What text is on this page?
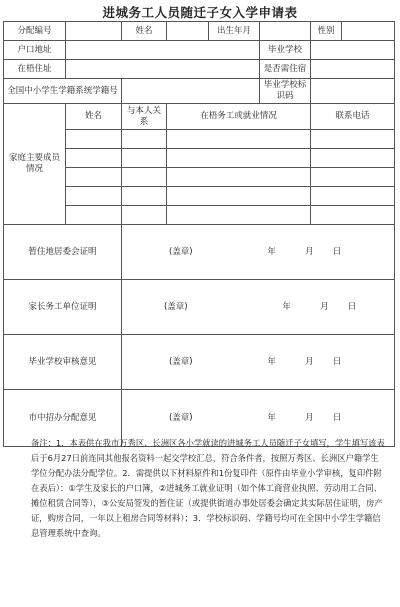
进城务工人员随迁子女入学申请表
分配编号		姓名		出生年月		性别	
户口地址					毕业学校		
在梧住址					是否需住宿		
全国中小学生学籍系统学籍号					毕业学校标识码		
家庭主要成员情况	姓名	与本人关系	在梧务工或就业情况			联系电话	

暂住地居委会证明		(盖章) 年 月 日					
家长务工单位证明		(盖章) 年 月 日					
毕业学校审核意见		(盖章) 年 月 日					
市中招办分配意见		(盖章) 年 月 日					
备注：1．本表供在我市万秀区、长洲区各小学就读的进城务工人员随迁子女填写，学生填写该表后于6月27日前连同其他报名资料一起交学校汇总，符合条件者，按照万秀区、长洲区户籍学生学位分配办法分配学位。2．需提供以下材料原件和1份复印件（原件由毕业小学审核，复印件附在表后）：①学生及家长的户口簿，②进城务工就业证明（如个体工商营业执照、劳动用工合同、摊位租赁合同等），③公安局签发的暂住证（或提供街道办事处居委会确定其实际居住证明，房产证，购房合同，一年以上租房合同等材料）；3．学校标识码、学籍号均可在全国中小学生学籍信息管理系统中查询。
